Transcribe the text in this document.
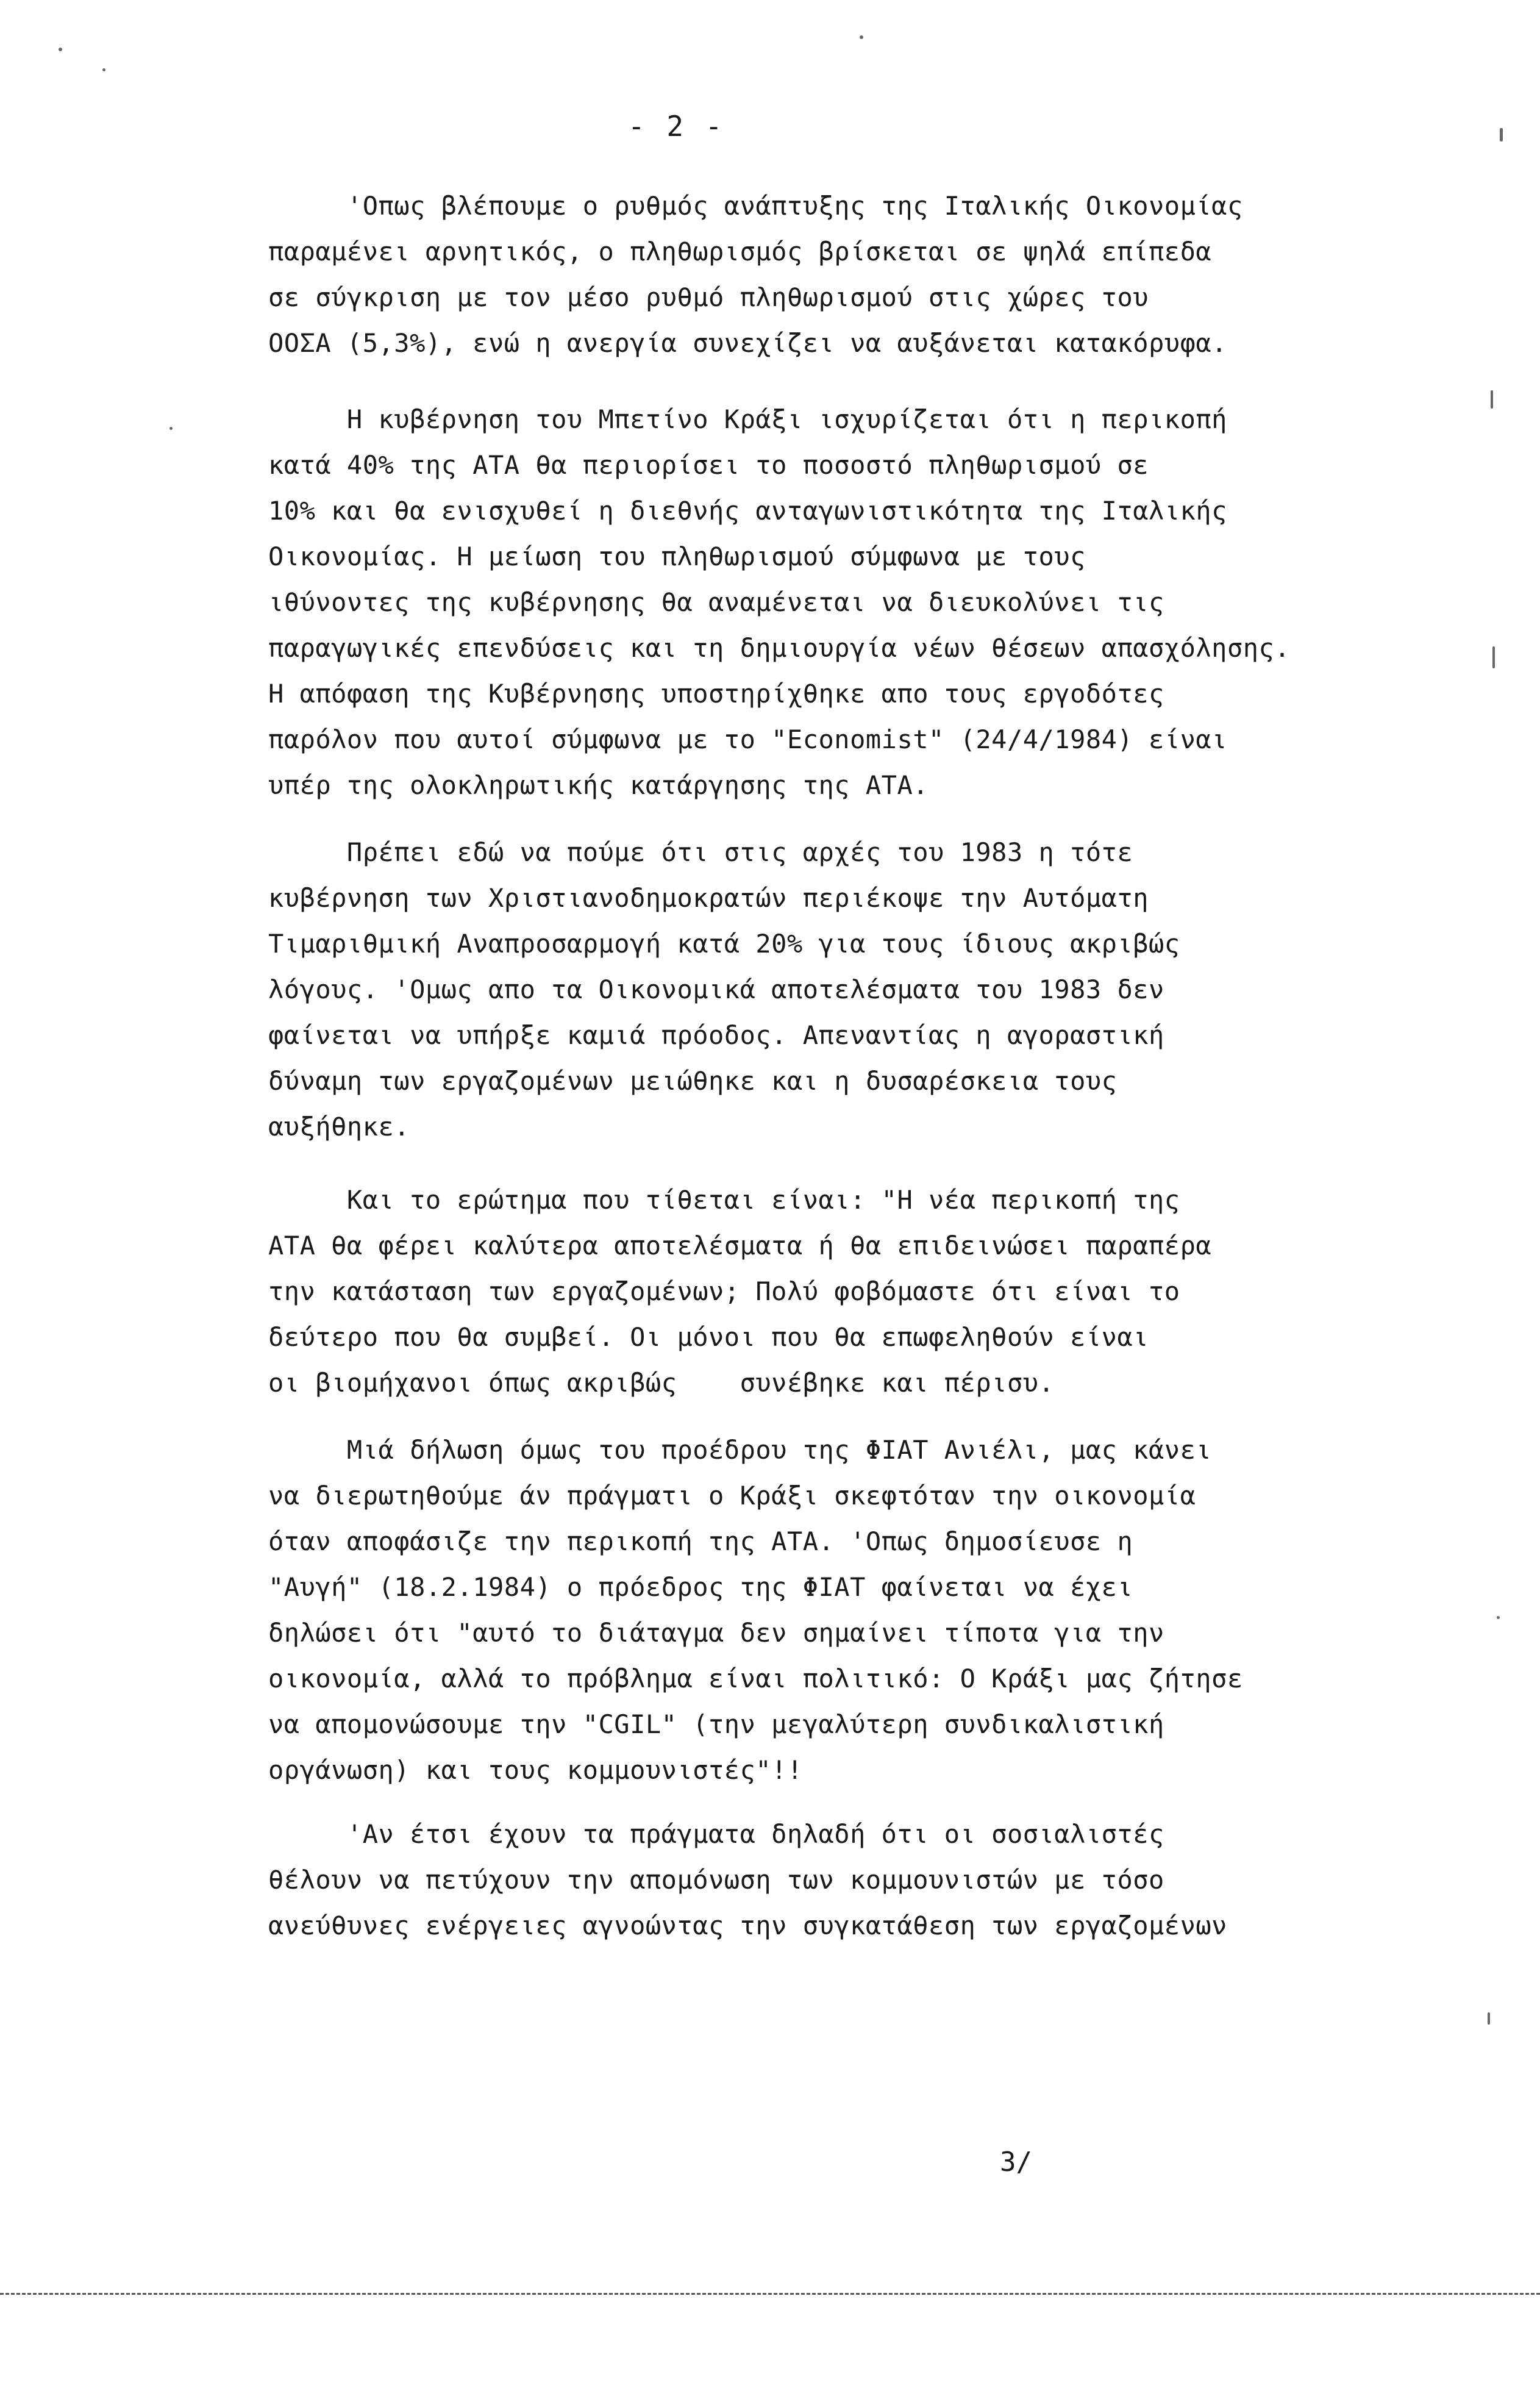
- 2 -
'Οπως βλέπουμε ο ρυθμός ανάπτυξης της Ιταλικής Οικονομίας
παραμένει αρνητικός, ο πληθωρισμός βρίσκεται σε ψηλά επίπεδα
σε σύγκριση με τον μέσο ρυθμό πληθωρισμού στις χώρες του
ΟΟΣΑ (5,3%), ενώ η ανεργία συνεχίζει να αυξάνεται κατακόρυφα.
Η κυβέρνηση του Μπετίνο Κράξι ισχυρίζεται ότι η περικοπή
κατά 40% της ΑΤΑ θα περιορίσει το ποσοστό πληθωρισμού σε
10% και θα ενισχυθεί η διεθνής ανταγωνιστικότητα της Ιταλικής
Οικονομίας. Η μείωση του πληθωρισμού σύμφωνα με τους
ιθύνοντες της κυβέρνησης θα αναμένεται να διευκολύνει τις
παραγωγικές επενδύσεις και τη δημιουργία νέων θέσεων απασχόλησης.
Η απόφαση της Κυβέρνησης υποστηρίχθηκε απο τους εργοδότες
παρόλον που αυτοί σύμφωνα με το "Economist" (24/4/1984) είναι
υπέρ της ολοκληρωτικής κατάργησης της ΑΤΑ.
Πρέπει εδώ να πούμε ότι στις αρχές του 1983 η τότε
κυβέρνηση των Χριστιανοδημοκρατών περιέκοψε την Αυτόματη
Τιμαριθμική Αναπροσαρμογή κατά 20% για τους ίδιους ακριβώς
λόγους. 'Ομως απο τα Οικονομικά αποτελέσματα του 1983 δεν
φαίνεται να υπήρξε καμιά πρόοδος. Απεναντίας η αγοραστική
δύναμη των εργαζομένων μειώθηκε και η δυσαρέσκεια τους
αυξήθηκε.
Και το ερώτημα που τίθεται είναι: "Η νέα περικοπή της
ΑΤΑ θα φέρει καλύτερα αποτελέσματα ή θα επιδεινώσει παραπέρα
την κατάσταση των εργαζομένων; Πολύ φοβόμαστε ότι είναι το
δεύτερο που θα συμβεί. Οι μόνοι που θα επωφεληθούν είναι
οι βιομήχανοι όπως ακριβώς    συνέβηκε και πέρισυ.
Μιά δήλωση όμως του προέδρου της ΦΙΑΤ Ανιέλι, μας κάνει
να διερωτηθούμε άν πράγματι ο Κράξι σκεφτόταν την οικονομία
όταν αποφάσιζε την περικοπή της ΑΤΑ. 'Οπως δημοσίευσε η
"Αυγή" (18.2.1984) ο πρόεδρος της ΦΙΑΤ φαίνεται να έχει
δηλώσει ότι "αυτό το διάταγμα δεν σημαίνει τίποτα για την
οικονομία, αλλά το πρόβλημα είναι πολιτικό: Ο Κράξι μας ζήτησε
να απομονώσουμε την "CGIL" (την μεγαλύτερη συνδικαλιστική
οργάνωση) και τους κομμουνιστές"!!
'Αν έτσι έχουν τα πράγματα δηλαδή ότι οι σοσιαλιστές
θέλουν να πετύχουν την απομόνωση των κομμουνιστών με τόσο
ανεύθυνες ενέργειες αγνοώντας την συγκατάθεση των εργαζομένων
3/
